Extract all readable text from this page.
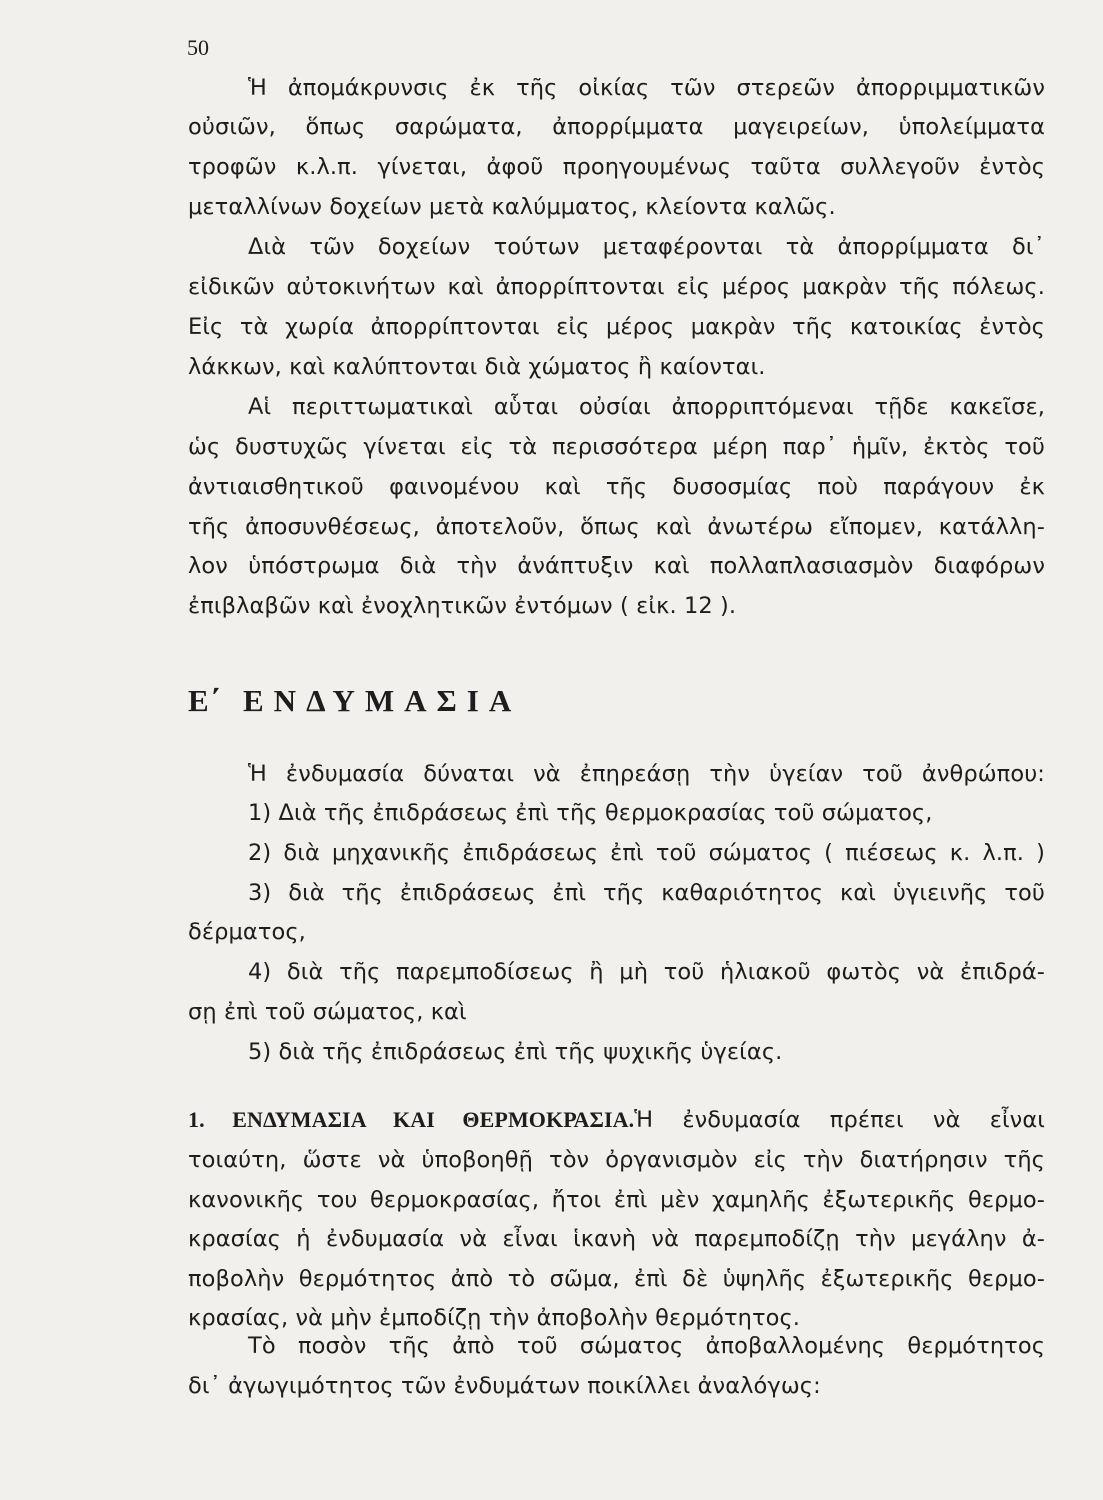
50
Ἡ ἀπομάκρυνσις ἐκ τῆς οἰκίας τῶν στερεῶν ἀπορριμματικῶν
οὐσιῶν, ὅπως σαρώματα, ἀπορρίμματα μαγειρείων, ὑπολείμματα
τροφῶν κ.λ.π. γίνεται, ἀφοῦ προηγουμένως ταῦτα συλλεγοῦν ἐντὸς
μεταλλίνων δοχείων μετὰ καλύμματος, κλείοντα καλῶς.
Διὰ τῶν δοχείων τούτων μεταφέρονται τὰ ἀπορρίμματα δι᾽
εἰδικῶν αὐτοκινήτων καὶ ἀπορρίπτονται εἰς μέρος μακρὰν τῆς πόλεως.
Εἰς τὰ χωρία ἀπορρίπτονται εἰς μέρος μακρὰν τῆς κατοικίας ἐντὸς
λάκκων, καὶ καλύπτονται διὰ χώματος ἢ καίονται.
Αἱ περιττωματικαὶ αὗται οὐσίαι ἀπορριπτόμεναι τῇδε κακεῖσε,
ὡς δυστυχῶς γίνεται εἰς τὰ περισσότερα μέρη παρ᾽ ἡμῖν, ἐκτὸς τοῦ
ἀντιαισθητικοῦ φαινομένου καὶ τῆς δυσοσμίας ποὺ παράγουν ἐκ
τῆς ἀποσυνθέσεως, ἀποτελοῦν, ὅπως καὶ ἀνωτέρω εἴπομεν, κατάλλη-
λον ὑπόστρωμα διὰ τὴν ἀνάπτυξιν καὶ πολλαπλασιασμὸν διαφόρων
ἐπιβλαβῶν καὶ ἐνοχλητικῶν ἐντόμων ( εἰκ. 12 ).
Ε΄ ΕΝΔΥΜΑΣΙΑ
Ἡ ἐνδυμασία δύναται νὰ ἐπηρεάσῃ τὴν ὑγείαν τοῦ ἀνθρώπου:
1) Διὰ τῆς ἐπιδράσεως ἐπὶ τῆς θερμοκρασίας τοῦ σώματος,
2) διὰ μηχανικῆς ἐπιδράσεως ἐπὶ τοῦ σώματος ( πιέσεως κ. λ.π. )
3) διὰ τῆς ἐπιδράσεως ἐπὶ τῆς καθαριότητος καὶ ὑγιεινῆς τοῦ
δέρματος,
4) διὰ τῆς παρεμποδίσεως ἢ μὴ τοῦ ἡλιακοῦ φωτὸς νὰ ἐπιδρά-
σῃ ἐπὶ τοῦ σώματος, καὶ
5) διὰ τῆς ἐπιδράσεως ἐπὶ τῆς ψυχικῆς ὑγείας.
1. ΕΝΔΥΜΑΣΙΑ ΚΑΙ ΘΕΡΜΟΚΡΑΣΙΑ.Ἡ ἐνδυμασία πρέπει νὰ εἶναι
τοιαύτη, ὥστε νὰ ὑποβοηθῇ τὸν ὀργανισμὸν εἰς τὴν διατήρησιν τῆς
κανονικῆς του θερμοκρασίας, ἤτοι ἐπὶ μὲν χαμηλῆς ἐξωτερικῆς θερμο-
κρασίας ἡ ἐνδυμασία νὰ εἶναι ἱκανὴ νὰ παρεμποδίζῃ τὴν μεγάλην ἀ-
ποβολὴν θερμότητος ἀπὸ τὸ σῶμα, ἐπὶ δὲ ὑψηλῆς ἐξωτερικῆς θερμο-
κρασίας, νὰ μὴν ἐμποδίζῃ τὴν ἀποβολὴν θερμότητος.
Τὸ ποσὸν τῆς ἀπὸ τοῦ σώματος ἀποβαλλομένης θερμότητος
δι᾽ ἀγωγιμότητος τῶν ἐνδυμάτων ποικίλλει ἀναλόγως:
